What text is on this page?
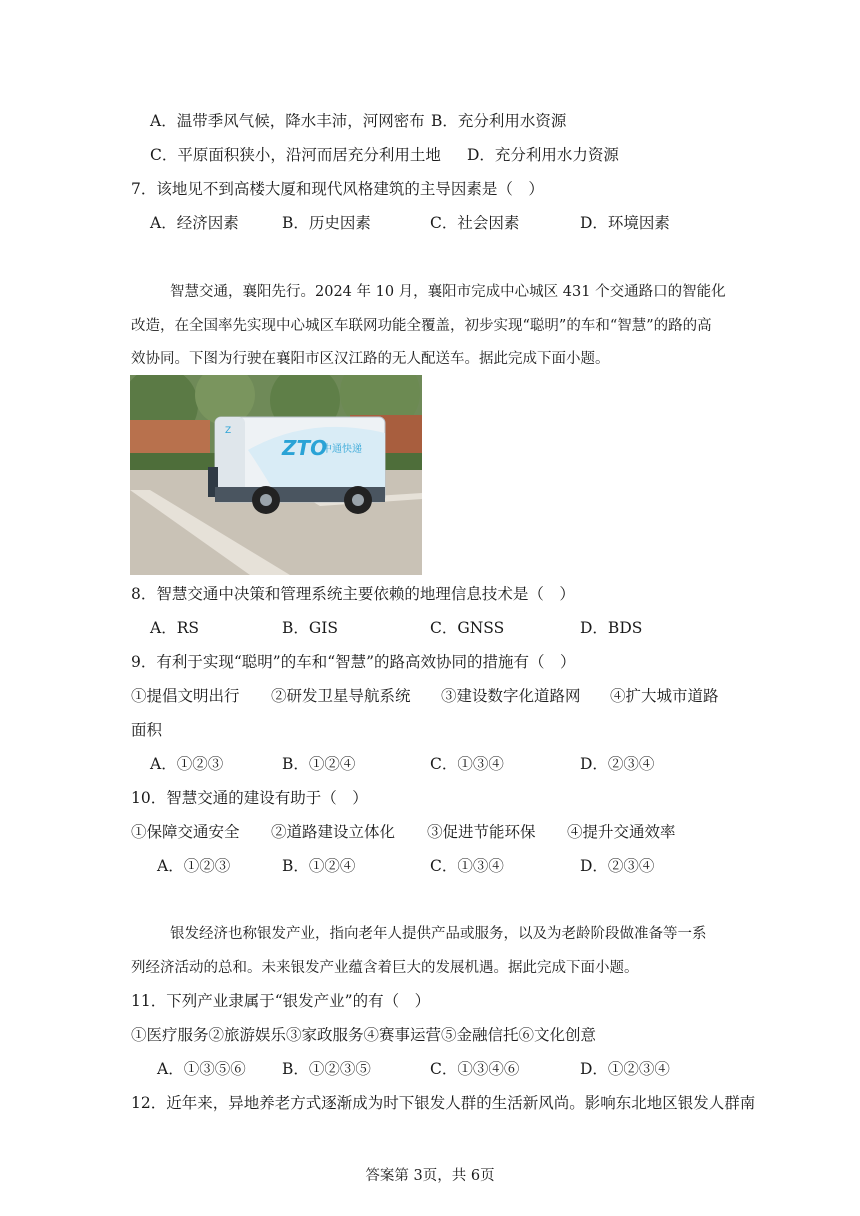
A．温带季风气候，降水丰沛，河网密布 B．充分利用水资源
C．平原面积狭小，沿河而居充分利用土地 D．充分利用水力资源
7．该地见不到高楼大厦和现代风格建筑的主导因素是（　）
A．经济因素	B．历史因素	C．社会因素	D．环境因素
智慧交通，襄阳先行。2024 年 10 月，襄阳市完成中心城区 431 个交通路口的智能化
改造，在全国率先实现中心城区车联网功能全覆盖，初步实现“聪明”的车和“智慧”的路的高
效协同。下图为行驶在襄阳市区汉江路的无人配送车。据此完成下面小题。
ZTO
中通快递
Z
8．智慧交通中决策和管理系统主要依赖的地理信息技术是（　）
A．RS	B．GIS	C．GNSS	D．BDS
9．有利于实现“聪明”的车和“智慧”的路高效协同的措施有（　）
①提倡文明出行 ②研发卫星导航系统 ③建设数字化道路网 ④扩大城市道路
面积
A．①②③	B．①②④	C．①③④	D．②③④
10．智慧交通的建设有助于（　）
①保障交通安全 ②道路建设立体化 ③促进节能环保 ④提升交通效率
A．①②③	B．①②④	C．①③④	D．②③④
银发经济也称银发产业，指向老年人提供产品或服务，以及为老龄阶段做准备等一系
列经济活动的总和。未来银发产业蕴含着巨大的发展机遇。据此完成下面小题。
11．下列产业隶属于“银发产业”的有（　）
①医疗服务②旅游娱乐③家政服务④赛事运营⑤金融信托⑥文化创意
A．①③⑤⑥ B．①②③⑤	C．①③④⑥	D．①②③④
12．近年来，异地养老方式逐渐成为时下银发人群的生活新风尚。影响东北地区银发人群南
答案第 3页，共 6页
